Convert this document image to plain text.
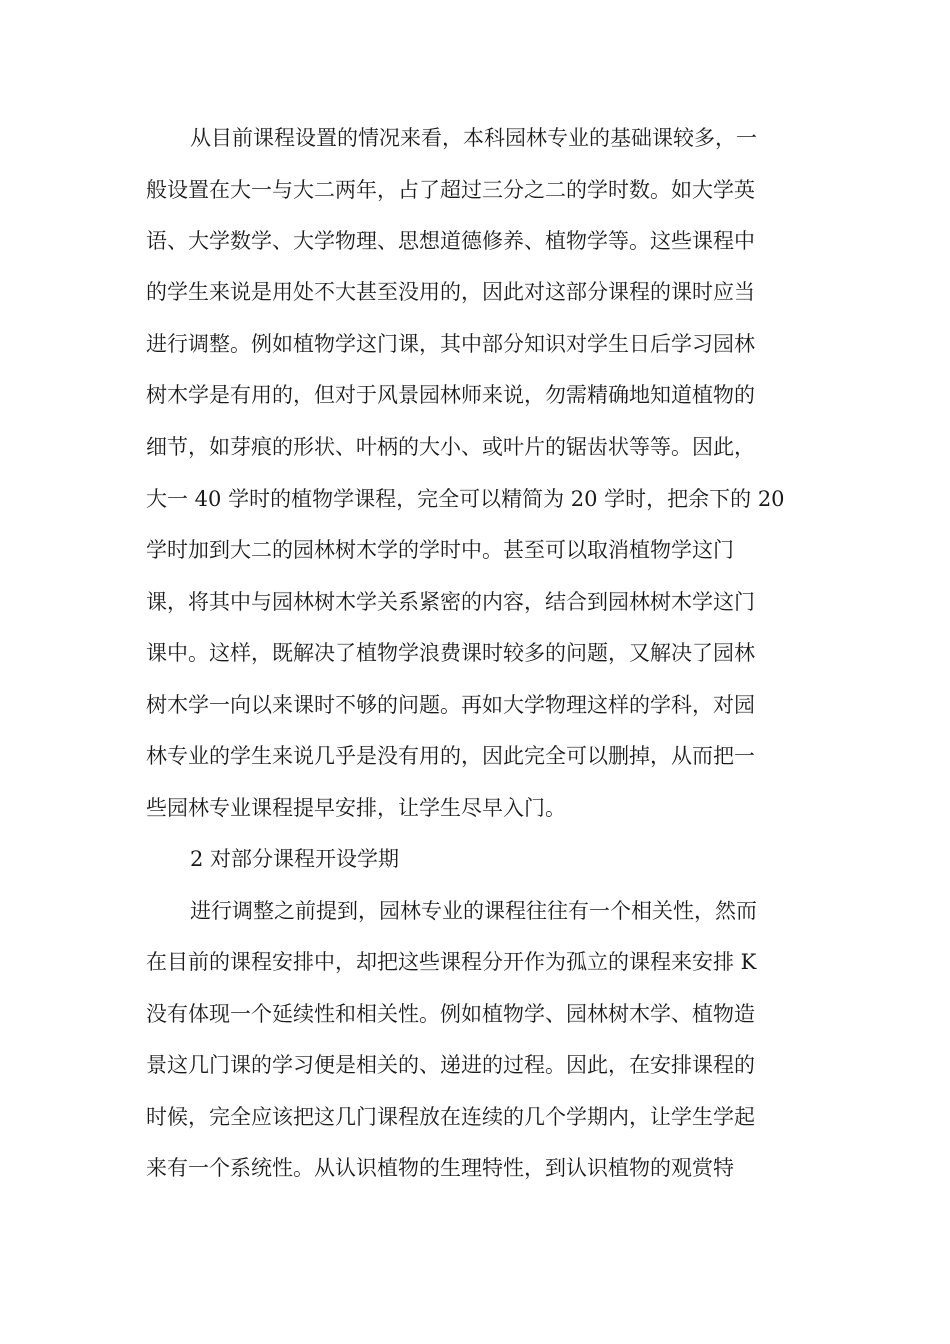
从目前课程设置的情况来看，本科园林专业的基础课较多，一
般设置在大一与大二两年，占了超过三分之二的学时数。如大学英
语、大学数学、大学物理、思想道德修养、植物学等。这些课程中
的学生来说是用处不大甚至没用的，因此对这部分课程的课时应当
进行调整。例如植物学这门课，其中部分知识对学生日后学习园林
树木学是有用的，但对于风景园林师来说，勿需精确地知道植物的
细节，如芽痕的形状、叶柄的大小、或叶片的锯齿状等等。因此，
大一 40 学时的植物学课程，完全可以精简为 20 学时，把余下的 20
学时加到大二的园林树木学的学时中。甚至可以取消植物学这门
课，将其中与园林树木学关系紧密的内容，结合到园林树木学这门
课中。这样，既解决了植物学浪费课时较多的问题，又解决了园林
树木学一向以来课时不够的问题。再如大学物理这样的学科，对园
林专业的学生来说几乎是没有用的，因此完全可以删掉，从而把一
些园林专业课程提早安排，让学生尽早入门。
2 对部分课程开设学期
进行调整之前提到，园林专业的课程往往有一个相关性，然而
在目前的课程安排中，却把这些课程分开作为孤立的课程来安排 K
没有体现一个延续性和相关性。例如植物学、园林树木学、植物造
景这几门课的学习便是相关的、递进的过程。因此，在安排课程的
时候，完全应该把这几门课程放在连续的几个学期内，让学生学起
来有一个系统性。从认识植物的生理特性，到认识植物的观赏特
